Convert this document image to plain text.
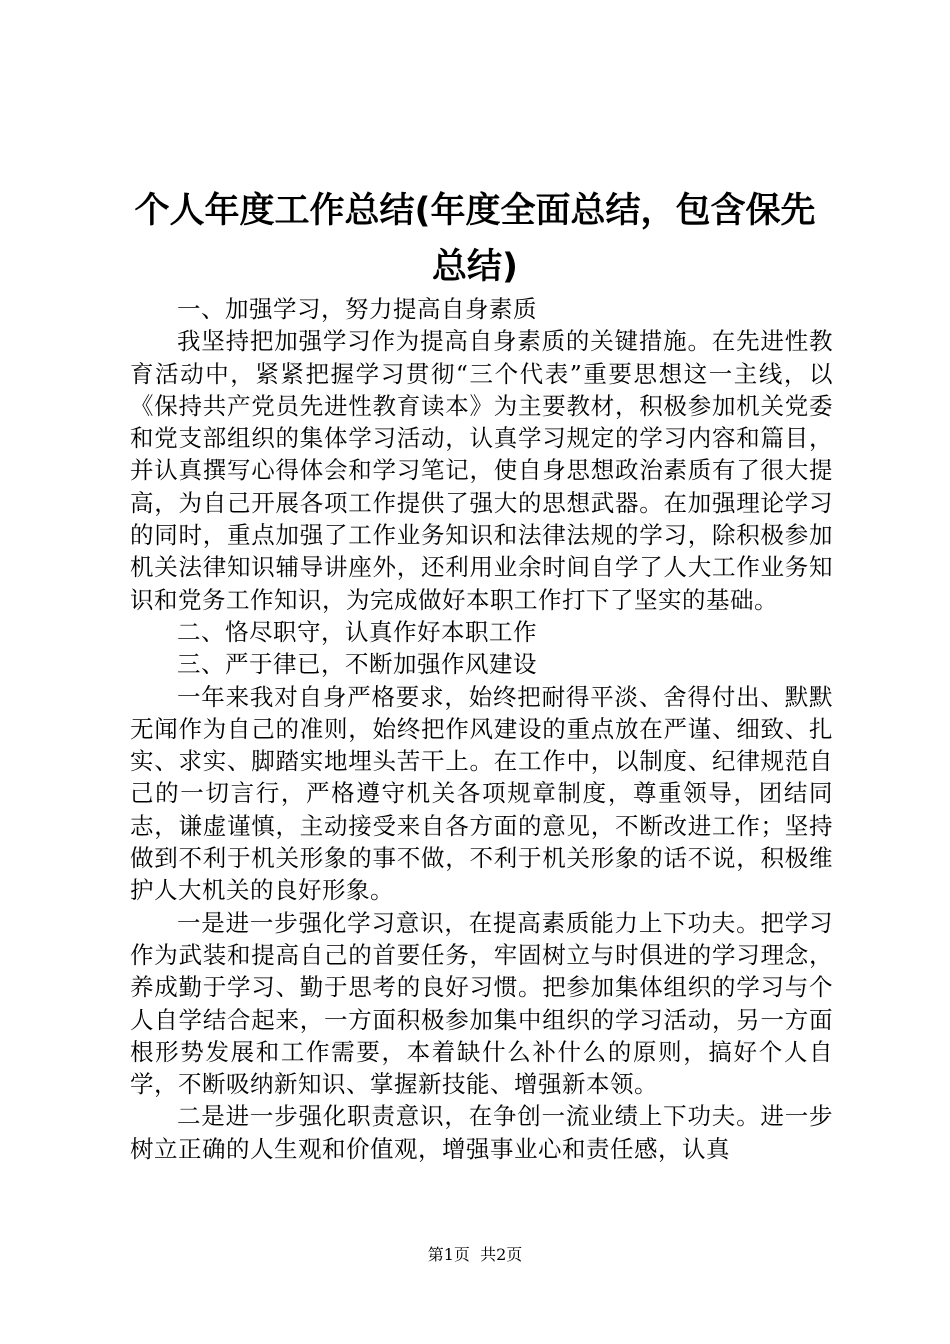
个人年度工作总结(年度全面总结，包含保先总结)

一、加强学习，努力提高自身素质

我坚持把加强学习作为提高自身素质的关键措施。在先进性教育活动中，紧紧把握学习贯彻“三个代表”重要思想这一主线，以《保持共产党员先进性教育读本》为主要教材，积极参加机关党委和党支部组织的集体学习活动，认真学习规定的学习内容和篇目，并认真撰写心得体会和学习笔记，使自身思想政治素质有了很大提高，为自己开展各项工作提供了强大的思想武器。在加强理论学习的同时，重点加强了工作业务知识和法律法规的学习，除积极参加机关法律知识辅导讲座外，还利用业余时间自学了人大工作业务知识和党务工作知识，为完成做好本职工作打下了坚实的基础。

二、恪尽职守，认真作好本职工作

三、严于律已，不断加强作风建设

一年来我对自身严格要求，始终把耐得平淡、舍得付出、默默无闻作为自己的准则，始终把作风建设的重点放在严谨、细致、扎实、求实、脚踏实地埋头苦干上。在工作中，以制度、纪律规范自己的一切言行，严格遵守机关各项规章制度，尊重领导，团结同志，谦虚谨慎，主动接受来自各方面的意见，不断改进工作；坚持做到不利于机关形象的事不做，不利于机关形象的话不说，积极维护人大机关的良好形象。

一是进一步强化学习意识，在提高素质能力上下功夫。把学习作为武装和提高自己的首要任务，牢固树立与时俱进的学习理念，养成勤于学习、勤于思考的良好习惯。把参加集体组织的学习与个人自学结合起来，一方面积极参加集中组织的学习活动，另一方面根形势发展和工作需要，本着缺什么补什么的原则，搞好个人自学，不断吸纳新知识、掌握新技能、增强新本领。

二是进一步强化职责意识，在争创一流业绩上下功夫。进一步树立正确的人生观和价值观，增强事业心和责任感，认真

第1页 共2页
